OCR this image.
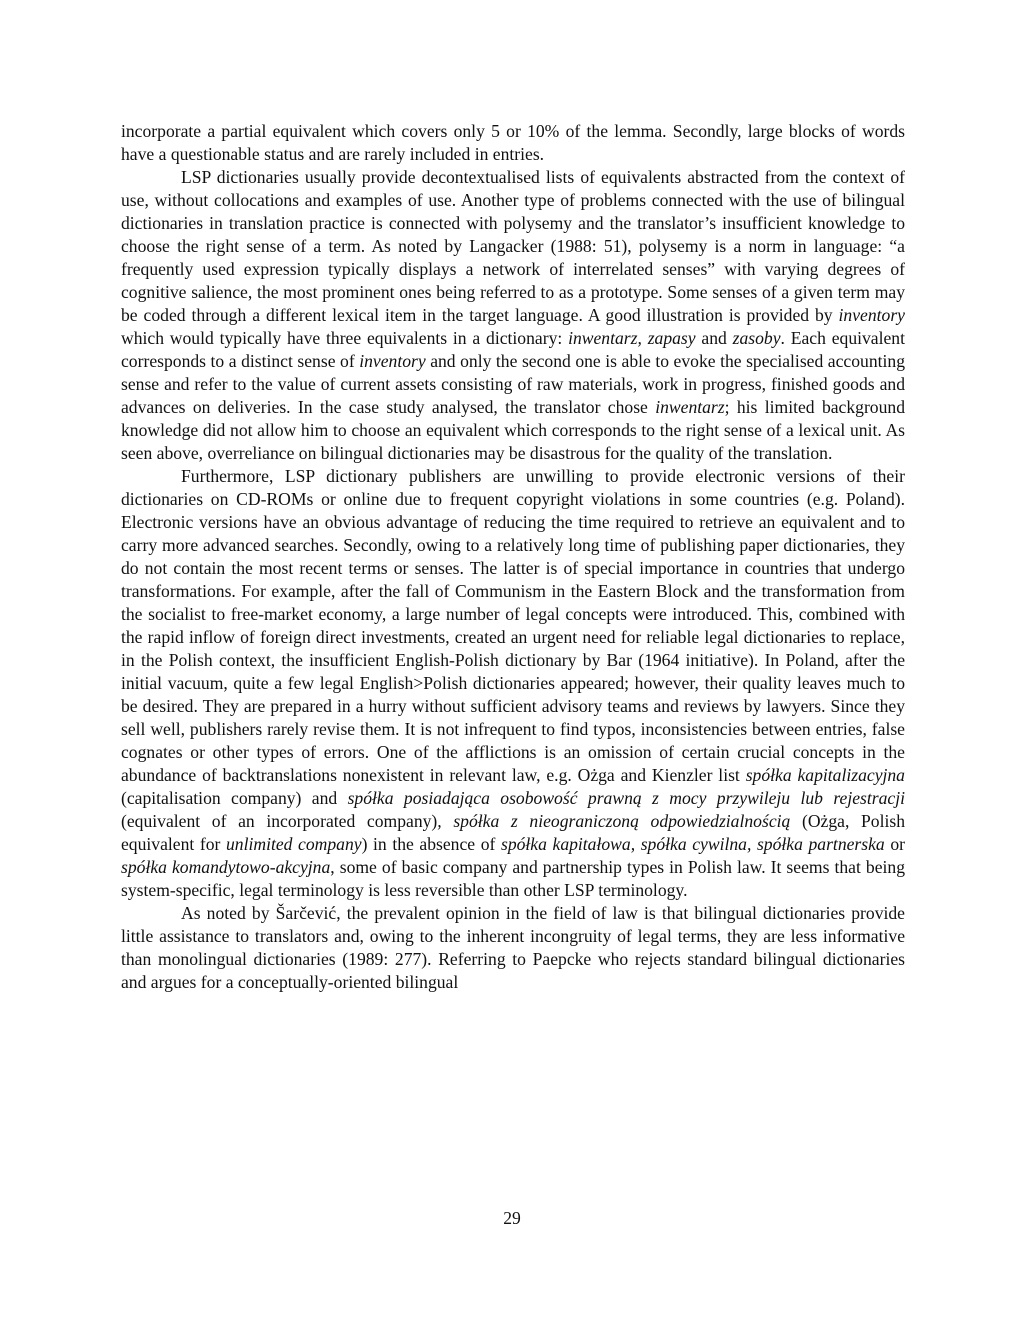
incorporate a partial equivalent which covers only 5 or 10% of the lemma. Secondly, large blocks of words have a questionable status and are rarely included in entries.

LSP dictionaries usually provide decontextualised lists of equivalents abstracted from the context of use, without collocations and examples of use. Another type of problems connected with the use of bilingual dictionaries in translation practice is connected with polysemy and the translator’s insufficient knowledge to choose the right sense of a term. As noted by Langacker (1988: 51), polysemy is a norm in language: “a frequently used expression typically displays a network of interrelated senses” with varying degrees of cognitive salience, the most prominent ones being referred to as a prototype. Some senses of a given term may be coded through a different lexical item in the target language. A good illustration is provided by inventory which would typically have three equivalents in a dictionary: inwentarz, zapasy and zasoby. Each equivalent corresponds to a distinct sense of inventory and only the second one is able to evoke the specialised accounting sense and refer to the value of current assets consisting of raw materials, work in progress, finished goods and advances on deliveries. In the case study analysed, the translator chose inwentarz; his limited background knowledge did not allow him to choose an equivalent which corresponds to the right sense of a lexical unit. As seen above, overreliance on bilingual dictionaries may be disastrous for the quality of the translation.

Furthermore, LSP dictionary publishers are unwilling to provide electronic versions of their dictionaries on CD-ROMs or online due to frequent copyright violations in some countries (e.g. Poland). Electronic versions have an obvious advantage of reducing the time required to retrieve an equivalent and to carry more advanced searches. Secondly, owing to a relatively long time of publishing paper dictionaries, they do not contain the most recent terms or senses. The latter is of special importance in countries that undergo transformations. For example, after the fall of Communism in the Eastern Block and the transformation from the socialist to free-market economy, a large number of legal concepts were introduced. This, combined with the rapid inflow of foreign direct investments, created an urgent need for reliable legal dictionaries to replace, in the Polish context, the insufficient English-Polish dictionary by Bar (1964 initiative). In Poland, after the initial vacuum, quite a few legal English>Polish dictionaries appeared; however, their quality leaves much to be desired. They are prepared in a hurry without sufficient advisory teams and reviews by lawyers. Since they sell well, publishers rarely revise them. It is not infrequent to find typos, inconsistencies between entries, false cognates or other types of errors. One of the afflictions is an omission of certain crucial concepts in the abundance of backtranslations nonexistent in relevant law, e.g. Ożga and Kienzler list spółka kapitalizacyjna (capitalisation company) and spółka posiadająca osobowość prawną z mocy przywileju lub rejestracji (equivalent of an incorporated company), spółka z nieograniczoną odpowiedzialnością (Ożga, Polish equivalent for unlimited company) in the absence of spółka kapitałowa, spółka cywilna, spółka partnerska or spółka komandytowo-akcyjna, some of basic company and partnership types in Polish law. It seems that being system-specific, legal terminology is less reversible than other LSP terminology.

As noted by Šarčević, the prevalent opinion in the field of law is that bilingual dictionaries provide little assistance to translators and, owing to the inherent incongruity of legal terms, they are less informative than monolingual dictionaries (1989: 277). Referring to Paepcke who rejects standard bilingual dictionaries and argues for a conceptually-oriented bilingual

29
